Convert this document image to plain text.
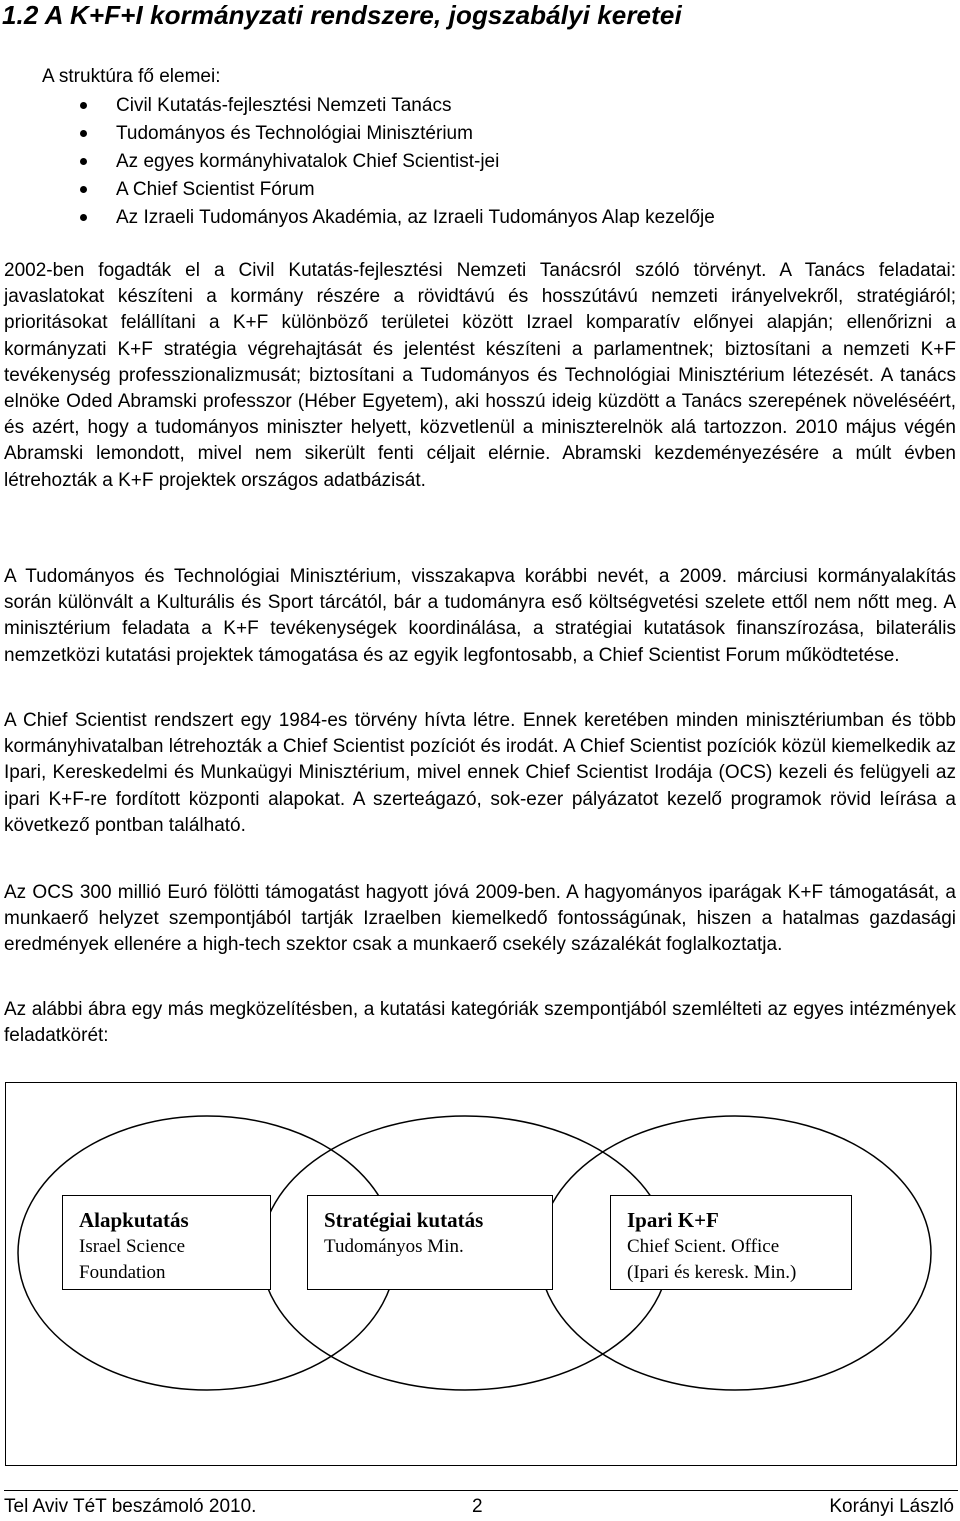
1.2 A K+F+I kormányzati rendszere, jogszabályi keretei
A struktúra fő elemei:
Civil Kutatás-fejlesztési Nemzeti Tanács
Tudományos és Technológiai Minisztérium
Az egyes kormányhivatalok Chief Scientist-jei
A Chief Scientist Fórum
Az Izraeli Tudományos Akadémia, az Izraeli Tudományos Alap kezelője

2002-ben fogadták el a Civil Kutatás-fejlesztési Nemzeti Tanácsról szóló törvényt. A Tanács feladatai: javaslatokat készíteni a kormány részére a rövidtávú és hosszútávú nemzeti irányelvekről, stratégiáról; prioritásokat felállítani a K+F különböző területei között Izrael komparatív előnyei alapján; ellenőrizni a kormányzati K+F stratégia végrehajtását és jelentést készíteni a parlamentnek; biztosítani a nemzeti K+F tevékenység professzionalizmusát; biztosítani a Tudományos és Technológiai Minisztérium létezését. A tanács elnöke Oded Abramski professzor (Héber Egyetem), aki hosszú ideig küzdött a Tanács szerepének növeléséért, és azért, hogy a tudományos miniszter helyett, közvetlenül a miniszterelnök alá tartozzon. 2010 május végén Abramski lemondott, mivel nem sikerült fenti céljait elérnie. Abramski kezdeményezésére a múlt évben létrehozták a K+F projektek országos adatbázisát.

A Tudományos és Technológiai Minisztérium, visszakapva korábbi nevét, a 2009. márciusi kormányalakítás során különvált a Kulturális és Sport tárcától, bár a tudományra eső költségvetési szelete ettől nem nőtt meg. A minisztérium feladata a K+F tevékenységek koordinálása, a stratégiai kutatások finanszírozása, bilaterális nemzetközi kutatási projektek támogatása és az egyik legfontosabb, a Chief Scientist Forum működtetése.

A Chief Scientist rendszert egy 1984-es törvény hívta létre. Ennek keretében minden minisztériumban és több kormányhivatalban létrehozták a Chief Scientist pozíciót és irodát. A Chief Scientist pozíciók közül kiemelkedik az Ipari, Kereskedelmi és Munkaügyi Minisztérium, mivel ennek Chief Scientist Irodája (OCS) kezeli és felügyeli az ipari K+F-re fordított központi alapokat. A szerteágazó, sok-ezer pályázatot kezelő programok rövid leírása a következő pontban található.

Az OCS 300 millió Euró fölötti támogatást hagyott jóvá 2009-ben. A hagyományos iparágak K+F támogatását, a munkaerő helyzet szempontjából tartják Izraelben kiemelkedő fontosságúnak, hiszen a hatalmas gazdasági eredmények ellenére a high-tech szektor csak a munkaerő csekély százalékát foglalkoztatja.

Az alábbi ábra egy más megközelítésben, a kutatási kategóriák szempontjából szemlélteti az egyes intézmények feladatkörét:

Alapkutatás
Israel Science
Foundation
Stratégiai kutatás
Tudományos Min.
Ipari K+F
Chief Scient. Office
(Ipari és keresk. Min.)
Tel Aviv TéT beszámoló 2010.	2	Korányi László
